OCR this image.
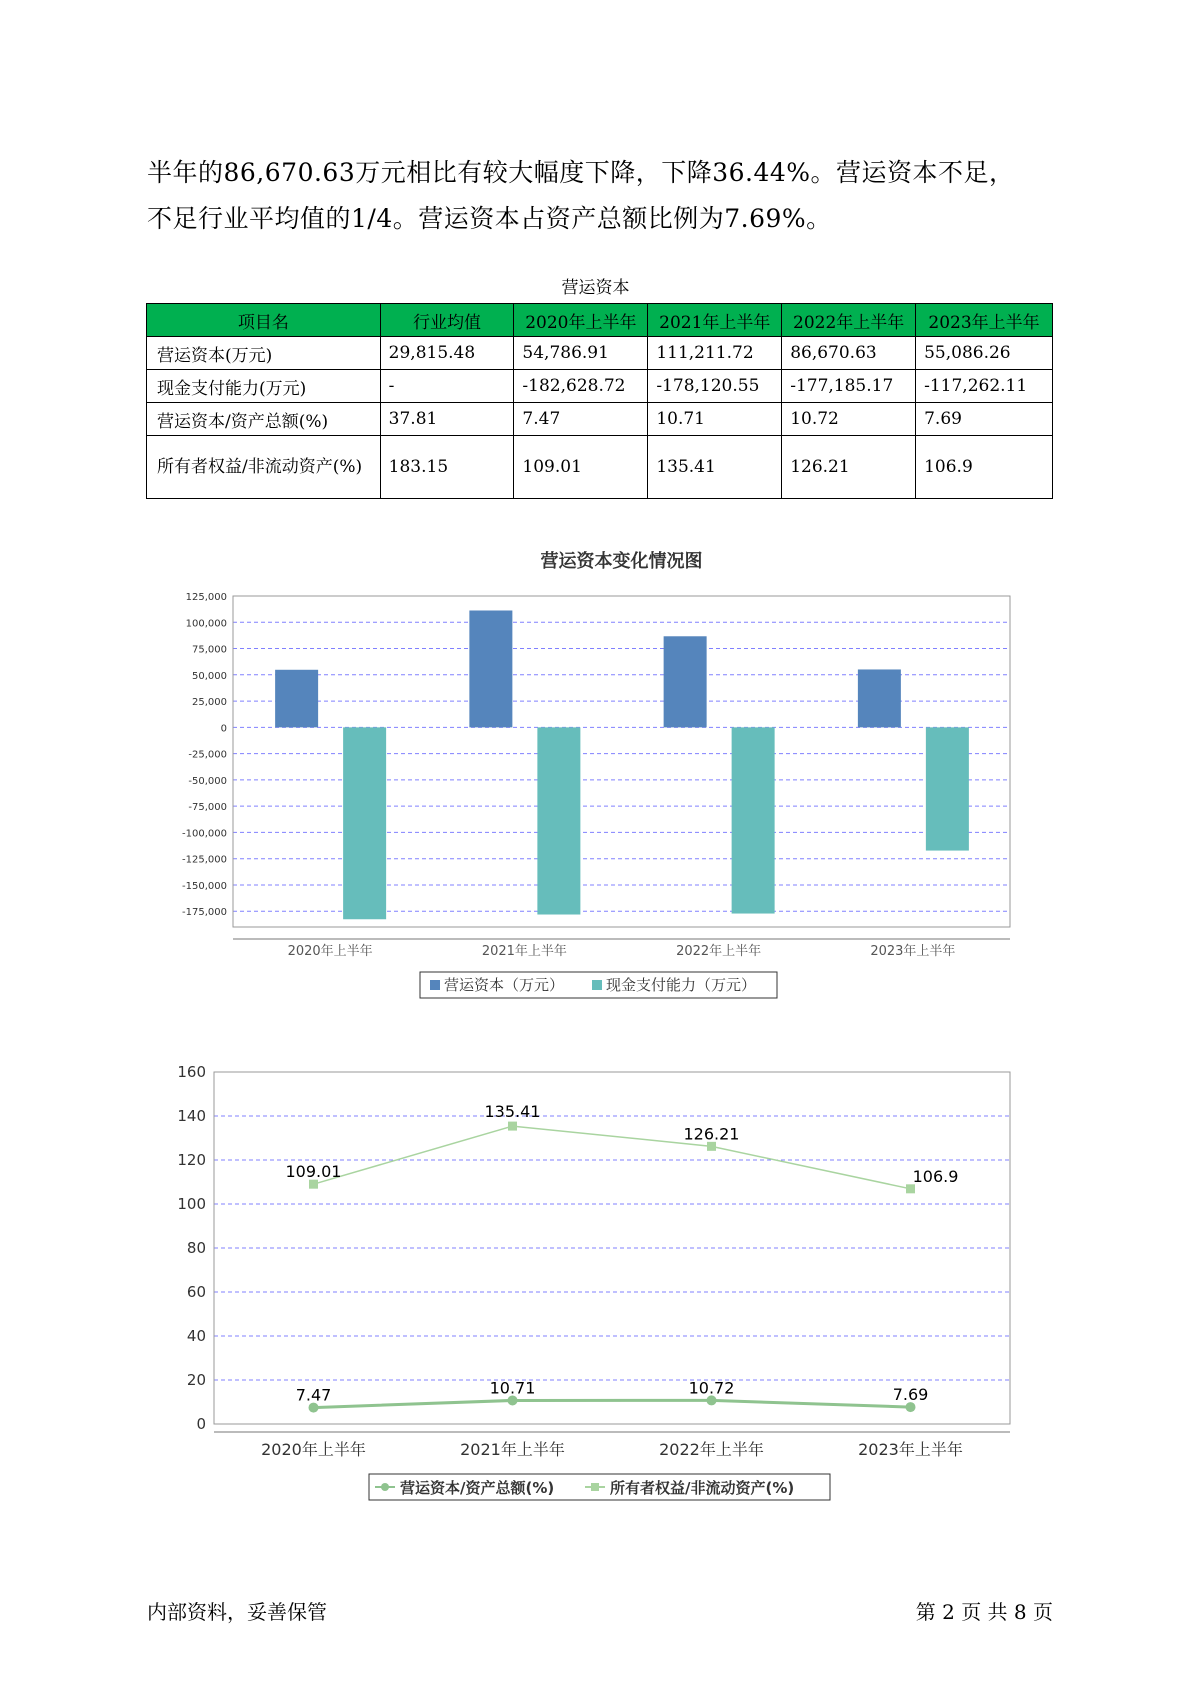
半年的86,670.63万元相比有较大幅度下降，下降36.44%。营运资本不足，

不足行业平均值的1/4。营运资本占资产总额比例为7.69%。

营运资本
项目名	行业均值	2020年上半年	2021年上半年	2022年上半年	2023年上半年
营运资本(万元)	29,815.48	54,786.91	111,211.72	86,670.63	55,086.26
现金支付能力(万元)	-	-182,628.72	-178,120.55	-177,185.17	-117,262.11
营运资本/资产总额(%)	37.81	7.47	10.71	10.72	7.69
所有者权益/非流动资产(%)	183.15	109.01	135.41	126.21	106.9
营运资本变化情况图
125,000
100,000
75,000
50,000
25,000
0
-25,000
-50,000
-75,000
-100,000
-125,000
-150,000
-175,000
2020年上半年	2021年上半年	2022年上半年	2023年上半年
营运资本（万元）	现金支付能力（万元）
0
20
40
60
80
100
120
140
160
2020年上半年	2021年上半年	2022年上半年	2023年上半年
7.47	10.71	10.72	7.69
109.01
135.41
126.21
106.9
营运资本/资产总额(%)	所有者权益/非流动资产(%)
内部资料，妥善保管	第 2 页 共 8 页
